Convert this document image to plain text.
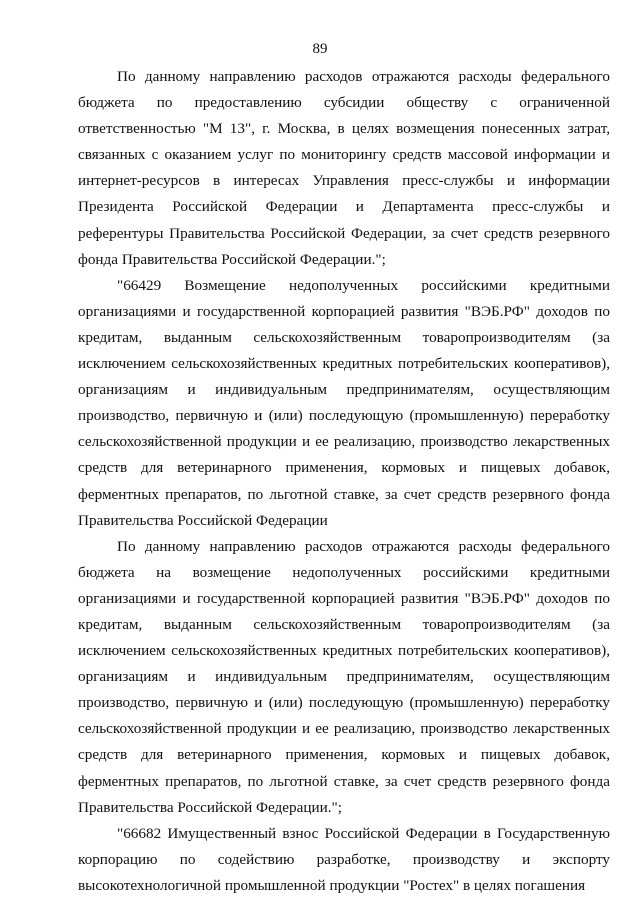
89

По данному направлению расходов отражаются расходы федерального бюджета по предоставлению субсидии обществу с ограниченной ответственностью "М 13", г. Москва, в целях возмещения понесенных затрат, связанных с оказанием услуг по мониторингу средств массовой информации и интернет-ресурсов в интересах Управления пресс-службы и информации Президента Российской Федерации и Департамента пресс-службы и референтуры Правительства Российской Федерации, за счет средств резервного фонда Правительства Российской Федерации.";

"66429 Возмещение недополученных российскими кредитными организациями и государственной корпорацией развития "ВЭБ.РФ" доходов по кредитам, выданным сельскохозяйственным товаропроизводителям (за исключением сельскохозяйственных кредитных потребительских кооперативов), организациям и индивидуальным предпринимателям, осуществляющим производство, первичную и (или) последующую (промышленную) переработку сельскохозяйственной продукции и ее реализацию, производство лекарственных средств для ветеринарного применения, кормовых и пищевых добавок, ферментных препаратов, по льготной ставке, за счет средств резервного фонда Правительства Российской Федерации

По данному направлению расходов отражаются расходы федерального бюджета на возмещение недополученных российскими кредитными организациями и государственной корпорацией развития "ВЭБ.РФ" доходов по кредитам, выданным сельскохозяйственным товаропроизводителям (за исключением сельскохозяйственных кредитных потребительских кооперативов), организациям и индивидуальным предпринимателям, осуществляющим производство, первичную и (или) последующую (промышленную) переработку сельскохозяйственной продукции и ее реализацию, производство лекарственных средств для ветеринарного применения, кормовых и пищевых добавок, ферментных препаратов, по льготной ставке, за счет средств резервного фонда Правительства Российской Федерации.";

"66682 Имущественный взнос Российской Федерации в Государственную корпорацию по содействию разработке, производству и экспорту высокотехнологичной промышленной продукции "Ростех" в целях погашения
